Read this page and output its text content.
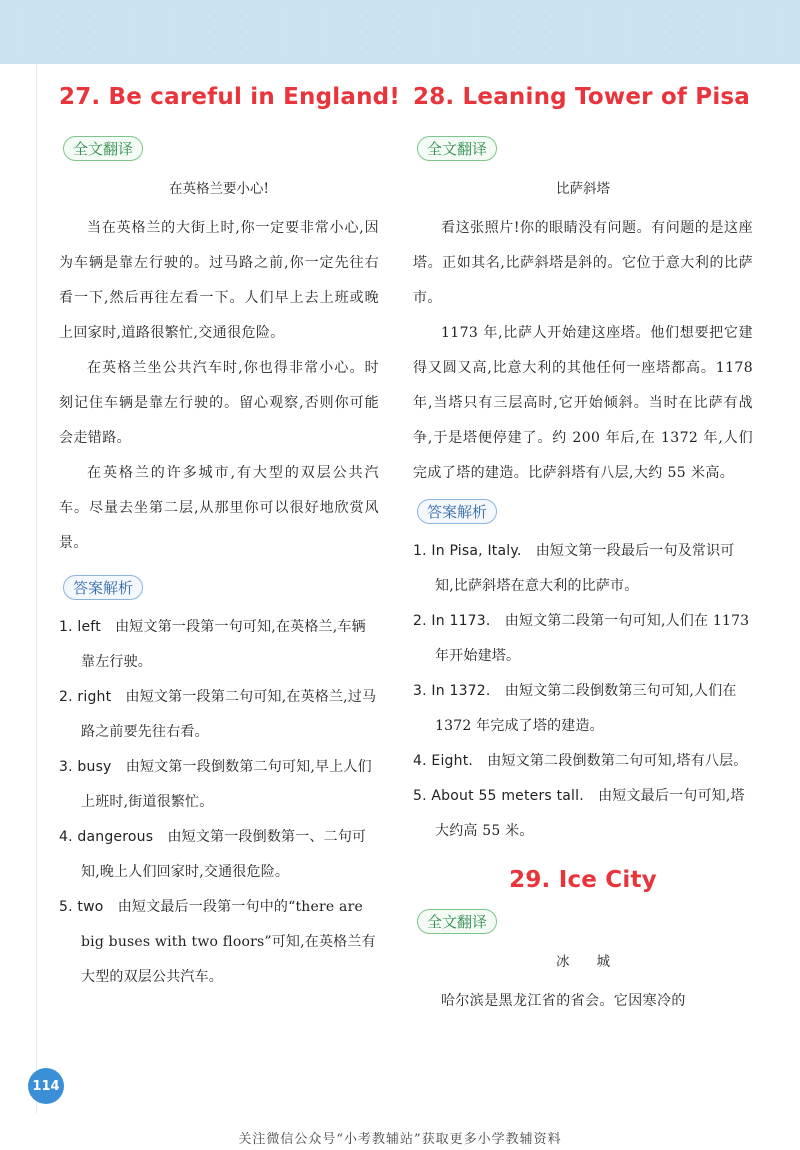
27. Be careful in England!
全文翻译
在英格兰要小心!

当在英格兰的大街上时,你一定要非常小心,因为车辆是靠左行驶的。过马路之前,你一定先往右看一下,然后再往左看一下。人们早上去上班或晚上回家时,道路很繁忙,交通很危险。

在英格兰坐公共汽车时,你也得非常小心。时刻记住车辆是靠左行驶的。留心观察,否则你可能会走错路。

在英格兰的许多城市,有大型的双层公共汽车。尽量去坐第二层,从那里你可以很好地欣赏风景。

答案解析

1. left　 由短文第一段第一句可知,在英格兰,车辆靠左行驶。

2. right　 由短文第一段第二句可知,在英格兰,过马路之前要先往右看。

3. busy　 由短文第一段倒数第二句可知,早上人们上班时,街道很繁忙。

4. dangerous　 由短文第一段倒数第一、二句可知,晚上人们回家时,交通很危险。

5. two　 由短文最后一段第一句中的“there are big buses with two floors”可知,在英格兰有大型的双层公共汽车。

28. Leaning Tower of Pisa
全文翻译
比萨斜塔

看这张照片!你的眼睛没有问题。有问题的是这座塔。正如其名,比萨斜塔是斜的。它位于意大利的比萨市。

1173 年,比萨人开始建这座塔。他们想要把它建得又圆又高,比意大利的其他任何一座塔都高。1178 年,当塔只有三层高时,它开始倾斜。当时在比萨有战争,于是塔便停建了。约 200 年后,在 1372 年,人们完成了塔的建造。比萨斜塔有八层,大约 55 米高。

答案解析

1. In Pisa, Italy.　 由短文第一段最后一句及常识可知,比萨斜塔在意大利的比萨市。

2. In 1173.　 由短文第二段第一句可知,人们在 1173 年开始建塔。

3. In 1372.　 由短文第二段倒数第三句可知,人们在 1372 年完成了塔的建造。

4. Eight.　 由短文第二段倒数第二句可知,塔有八层。

5. About 55 meters tall.　 由短文最后一句可知,塔大约高 55 米。

29. Ice City
全文翻译
冰　　城

哈尔滨是黑龙江省的省会。它因寒冷的

114
关注微信公众号“小考教辅站”获取更多小学教辅资料
